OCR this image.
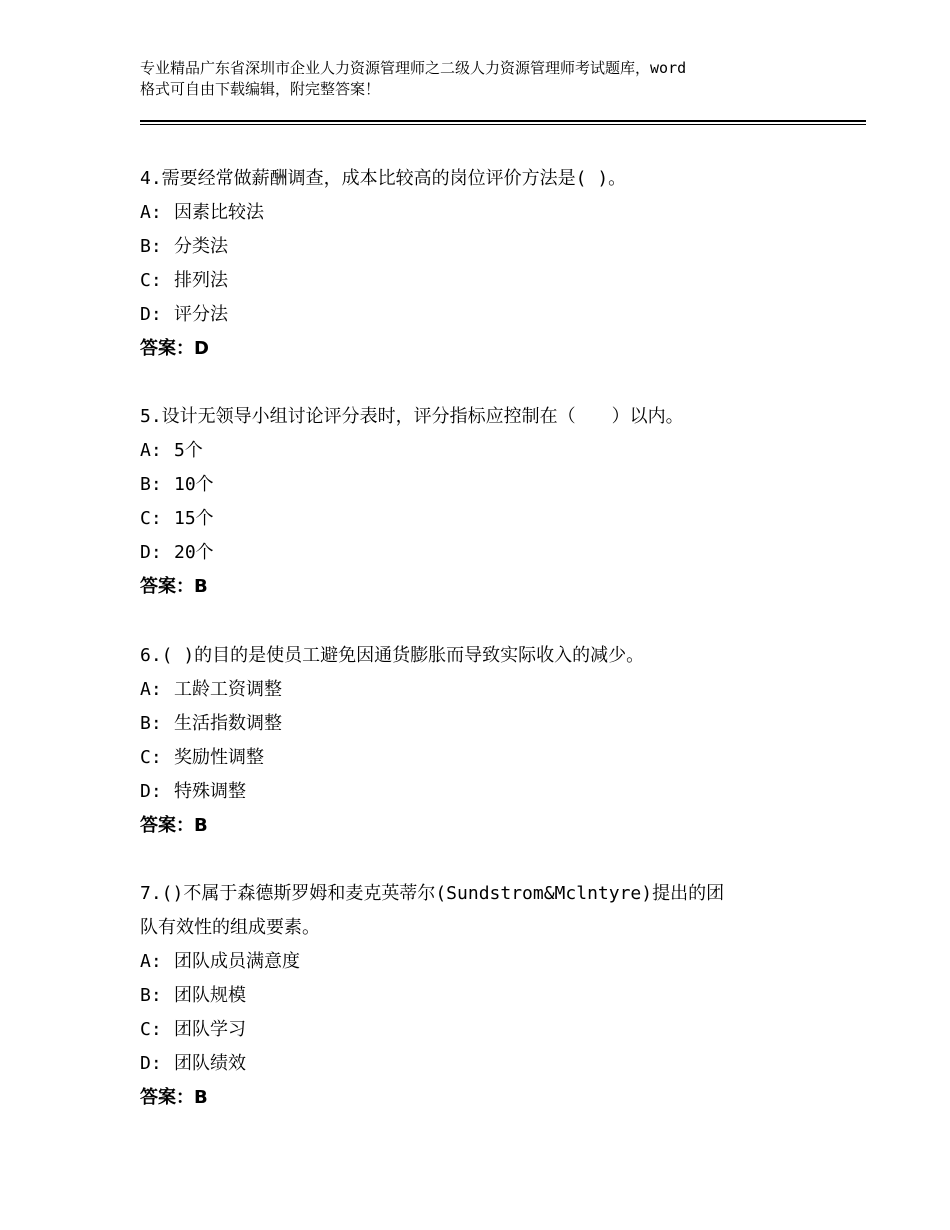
专业精品广东省深圳市企业人力资源管理师之二级人力资源管理师考试题库，word
格式可自由下载编辑，附完整答案！
4.需要经常做薪酬调查，成本比较高的岗位评价方法是( )。
A: 因素比较法
B: 分类法
C: 排列法
D: 评分法
答案：D
5.设计无领导小组讨论评分表时，评分指标应控制在（　　）以内。
A: 5个
B: 10个
C: 15个
D: 20个
答案：B
6.( )的目的是使员工避免因通货膨胀而导致实际收入的减少。
A: 工龄工资调整
B: 生活指数调整
C: 奖励性调整
D: 特殊调整
答案：B
7.()不属于森德斯罗姆和麦克英蒂尔(Sundstrom&Mclntyre)提出的团
队有效性的组成要素。
A: 团队成员满意度
B: 团队规模
C: 团队学习
D: 团队绩效
答案：B
